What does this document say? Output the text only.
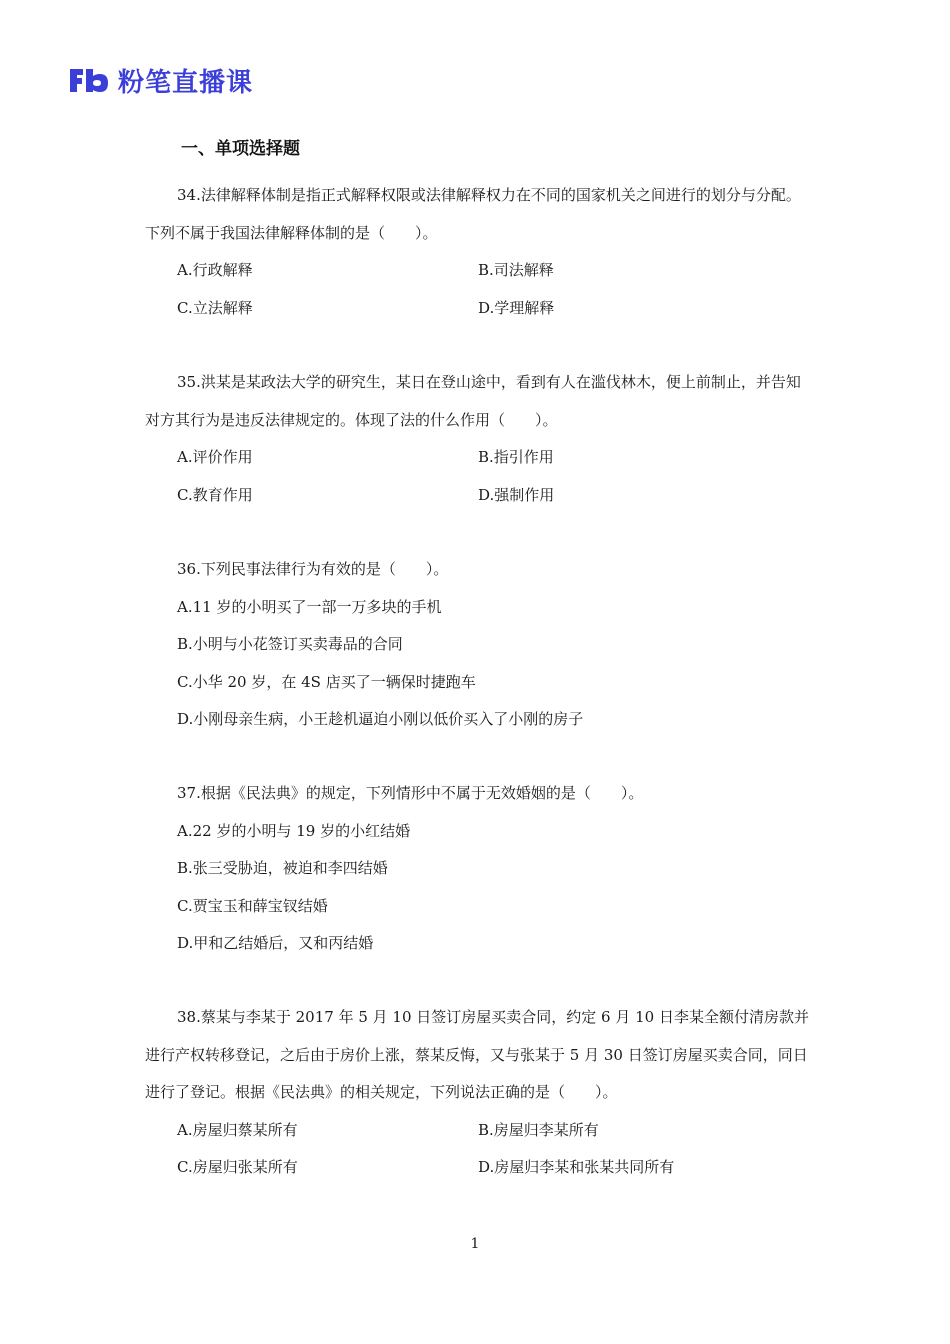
粉笔直播课
一、单项选择题
34.法律解释体制是指正式解释权限或法律解释权力在不同的国家机关之间进行的划分与分配。下列不属于我国法律解释体制的是（　　）。
A.行政解释	B.司法解释
C.立法解释	D.学理解释
35.洪某是某政法大学的研究生，某日在登山途中，看到有人在滥伐林木，便上前制止，并告知对方其行为是违反法律规定的。体现了法的什么作用（　　）。
A.评价作用	B.指引作用
C.教育作用	D.强制作用
36.下列民事法律行为有效的是（　　）。
A.11 岁的小明买了一部一万多块的手机
B.小明与小花签订买卖毒品的合同
C.小华 20 岁，在 4S 店买了一辆保时捷跑车
D.小刚母亲生病，小王趁机逼迫小刚以低价买入了小刚的房子
37.根据《民法典》的规定，下列情形中不属于无效婚姻的是（　　）。
A.22 岁的小明与 19 岁的小红结婚
B.张三受胁迫，被迫和李四结婚
C.贾宝玉和薛宝钗结婚
D.甲和乙结婚后，又和丙结婚
38.蔡某与李某于 2017 年 5 月 10 日签订房屋买卖合同，约定 6 月 10 日李某全额付清房款并进行产权转移登记，之后由于房价上涨，蔡某反悔，又与张某于 5 月 30 日签订房屋买卖合同，同日进行了登记。根据《民法典》的相关规定，下列说法正确的是（　　）。
A.房屋归蔡某所有	B.房屋归李某所有
C.房屋归张某所有	D.房屋归李某和张某共同所有
1
